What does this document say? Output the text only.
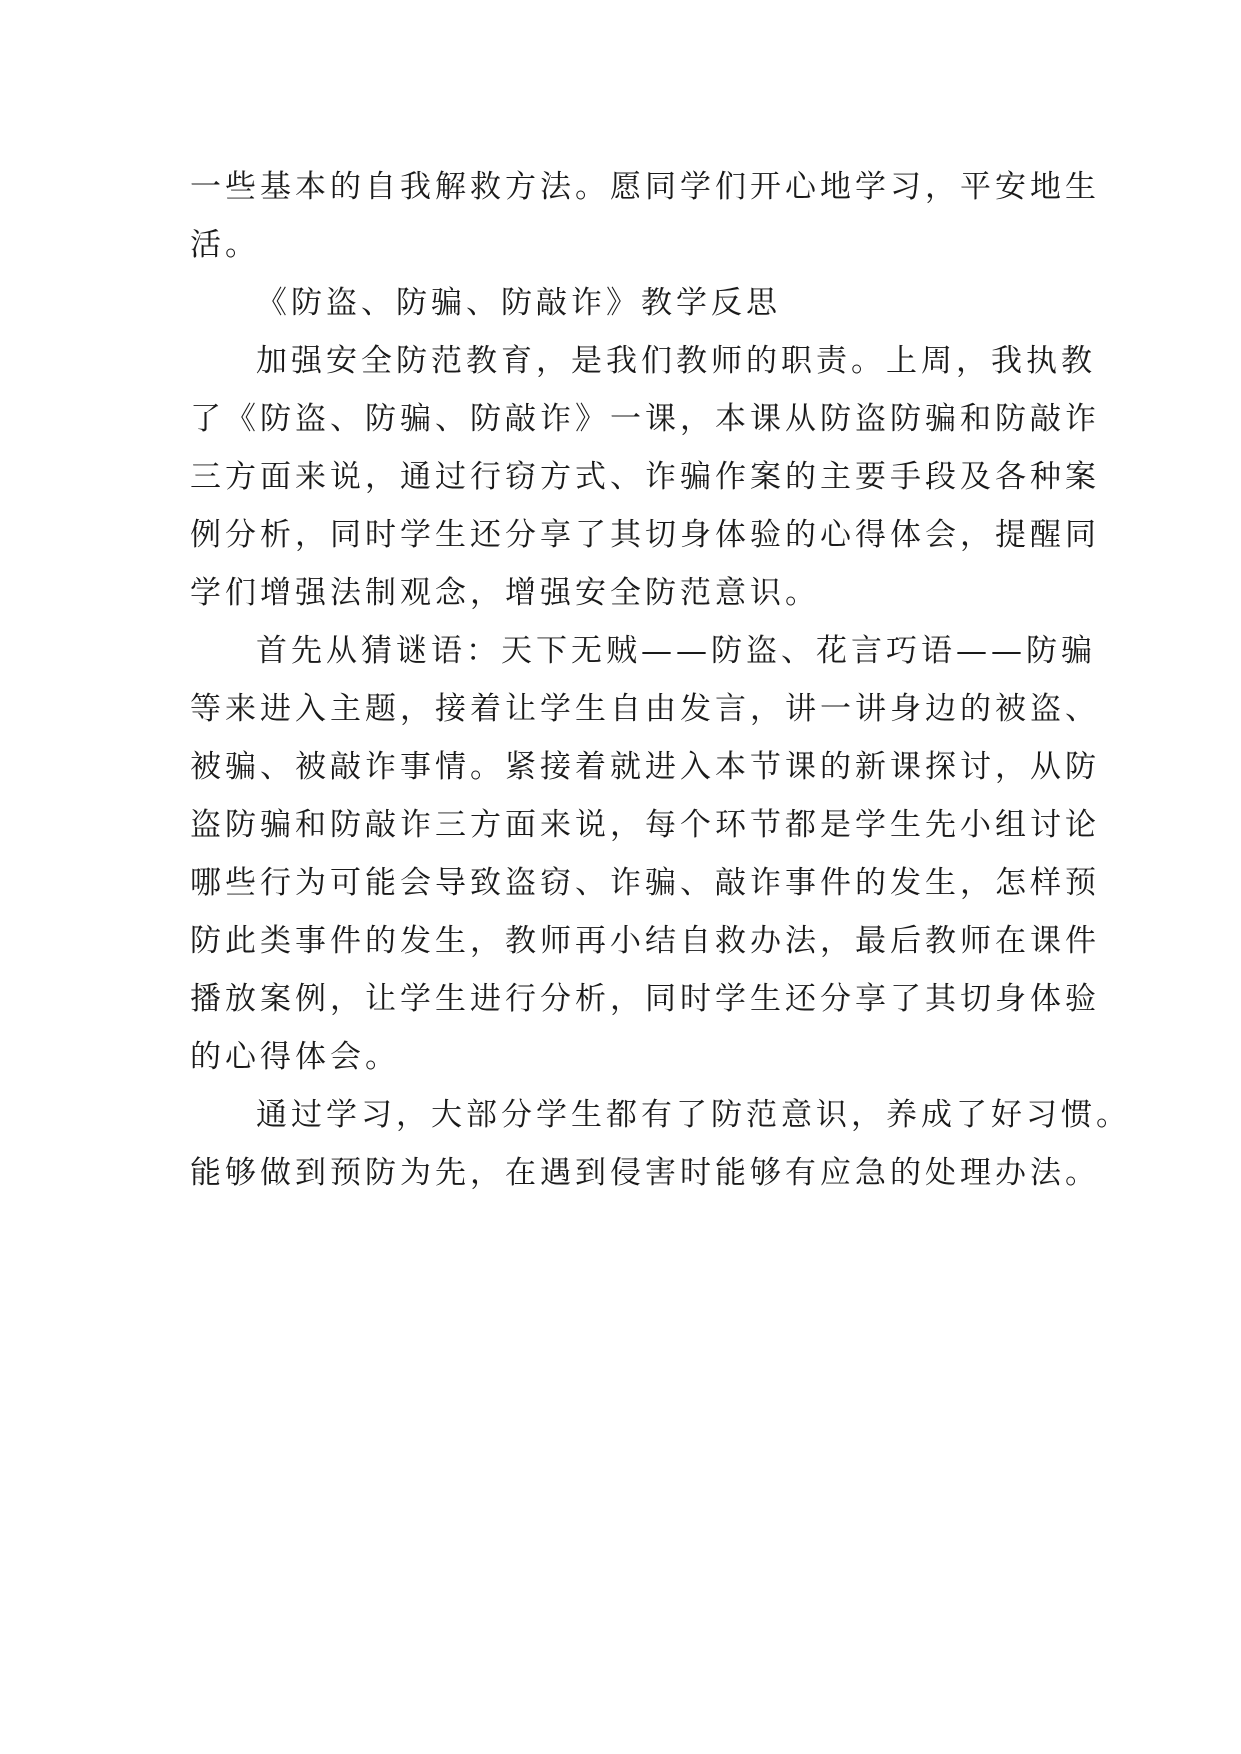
一些基本的自我解救方法。愿同学们开心地学习，平安地生
活。
《防盗、防骗、防敲诈》教学反思
加强安全防范教育，是我们教师的职责。上周，我执教
了《防盗、防骗、防敲诈》一课，本课从防盗防骗和防敲诈
三方面来说，通过行窃方式、诈骗作案的主要手段及各种案
例分析，同时学生还分享了其切身体验的心得体会，提醒同
学们增强法制观念，增强安全防范意识。
首先从猜谜语：天下无贼——防盗、花言巧语——防骗
等来进入主题，接着让学生自由发言，讲一讲身边的被盗、
被骗、被敲诈事情。紧接着就进入本节课的新课探讨，从防
盗防骗和防敲诈三方面来说，每个环节都是学生先小组讨论
哪些行为可能会导致盗窃、诈骗、敲诈事件的发生，怎样预
防此类事件的发生，教师再小结自救办法，最后教师在课件
播放案例，让学生进行分析，同时学生还分享了其切身体验
的心得体会。
通过学习，大部分学生都有了防范意识，养成了好习惯。
能够做到预防为先，在遇到侵害时能够有应急的处理办法。
